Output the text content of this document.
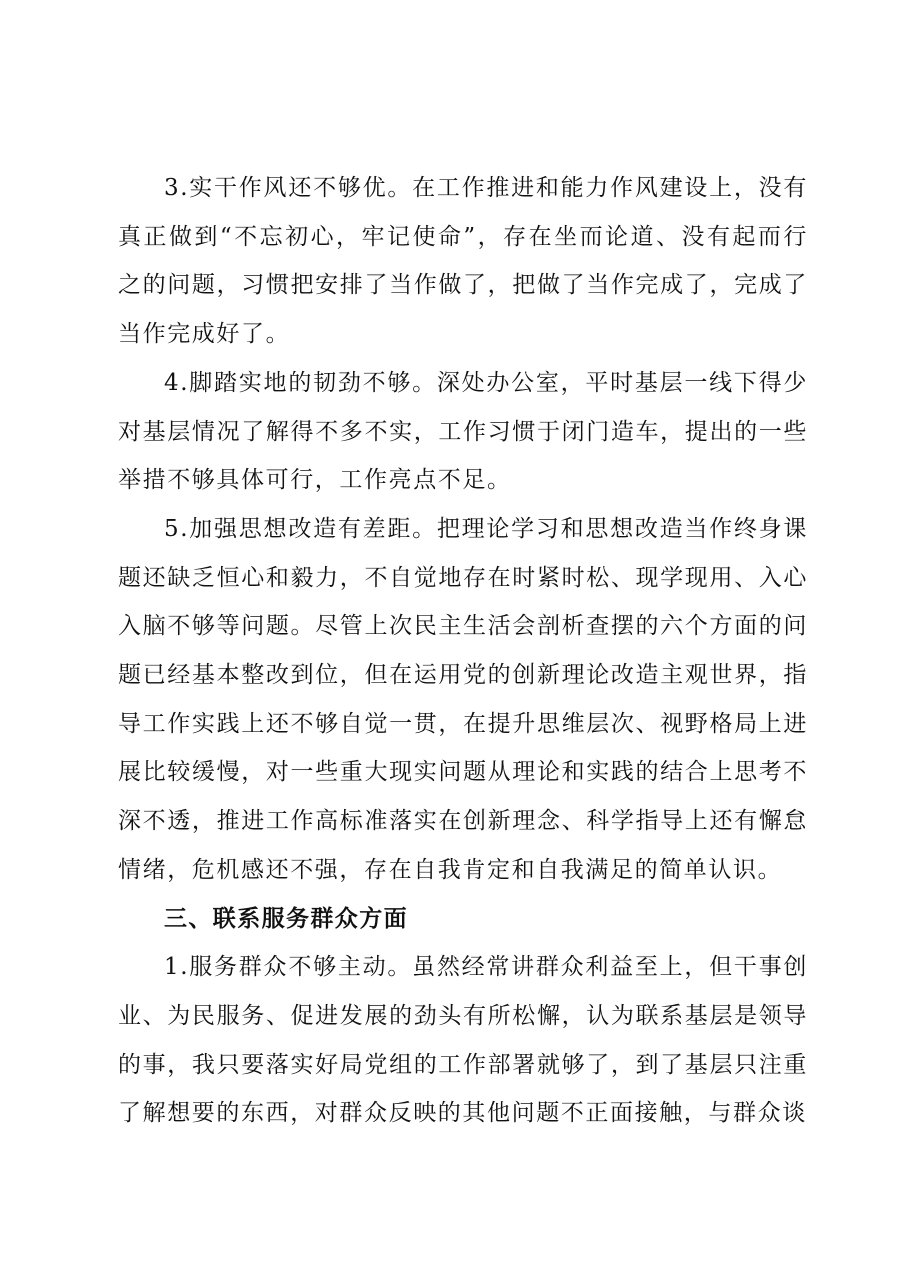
3.实干作风还不够优。在工作推进和能力作风建设上，没有真正做到“不忘初心，牢记使命”，存在坐而论道、没有起而行之的问题，习惯把安排了当作做了，把做了当作完成了，完成了当作完成好了。

4.脚踏实地的韧劲不够。深处办公室，平时基层一线下得少对基层情况了解得不多不实，工作习惯于闭门造车，提出的一些举措不够具体可行，工作亮点不足。

5.加强思想改造有差距。把理论学习和思想改造当作终身课题还缺乏恒心和毅力，不自觉地存在时紧时松、现学现用、入心入脑不够等问题。尽管上次民主生活会剖析查摆的六个方面的问题已经基本整改到位，但在运用党的创新理论改造主观世界，指导工作实践上还不够自觉一贯，在提升思维层次、视野格局上进展比较缓慢，对一些重大现实问题从理论和实践的结合上思考不深不透，推进工作高标准落实在创新理念、科学指导上还有懈怠情绪，危机感还不强，存在自我肯定和自我满足的简单认识。

三、联系服务群众方面

1.服务群众不够主动。虽然经常讲群众利益至上，但干事创业、为民服务、促进发展的劲头有所松懈，认为联系基层是领导的事，我只要落实好局党组的工作部署就够了，到了基层只注重了解想要的东西，对群众反映的其他问题不正面接触，与群众谈
